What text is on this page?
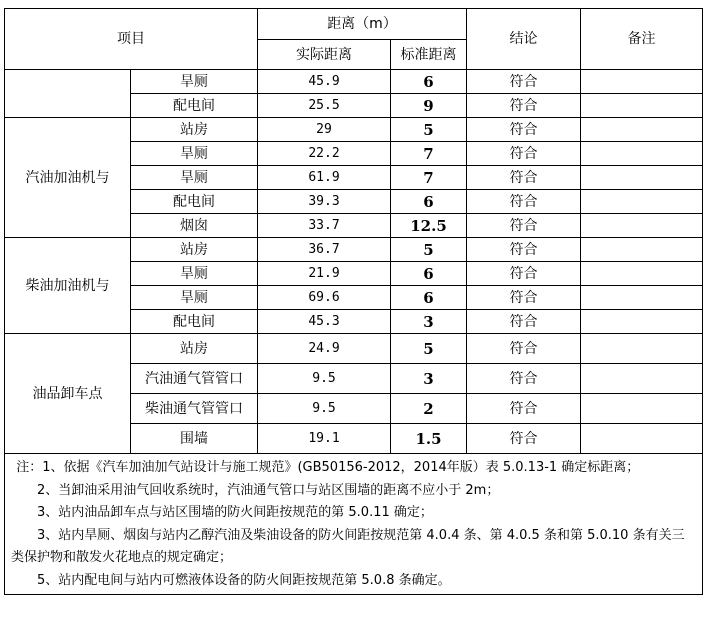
项目		距离（m）		结论	备注
		实际距离	标准距离		
	旱厕	45.9	6	符合	
	配电间	25.5	9	符合	
汽油加油机与	站房	29	5	符合	
	旱厕	22.2	7	符合	
	旱厕	61.9	7	符合	
	配电间	39.3	6	符合	
	烟囱	33.7	12.5	符合	
柴油加油机与	站房	36.7	5	符合	
	旱厕	21.9	6	符合	
	旱厕	69.6	6	符合	
	配电间	45.3	3	符合	
油品卸车点	站房	24.9	5	符合	
	汽油通气管管口	9.5	3	符合	
	柴油通气管管口	9.5	2	符合	
	围墙	19.1	1.5	符合	

注：1、依据《汽车加油加气站设计与施工规范》(GB50156-2012，2014年版）表 5.0.13-1 确定标距离；

2、当卸油采用油气回收系统时，汽油通气管口与站区围墙的距离不应小于 2m；

3、站内油品卸车点与站区围墙的防火间距按规范的第 5.0.11 确定；

3、站内旱厕、烟囱与站内乙醇汽油及柴油设备的防火间距按规范第 4.0.4 条、第 4.0.5 条和第 5.0.10 条有关三类保护物和散发火花地点的规定确定；

5、站内配电间与站内可燃液体设备的防火间距按规范第 5.0.8 条确定。					
